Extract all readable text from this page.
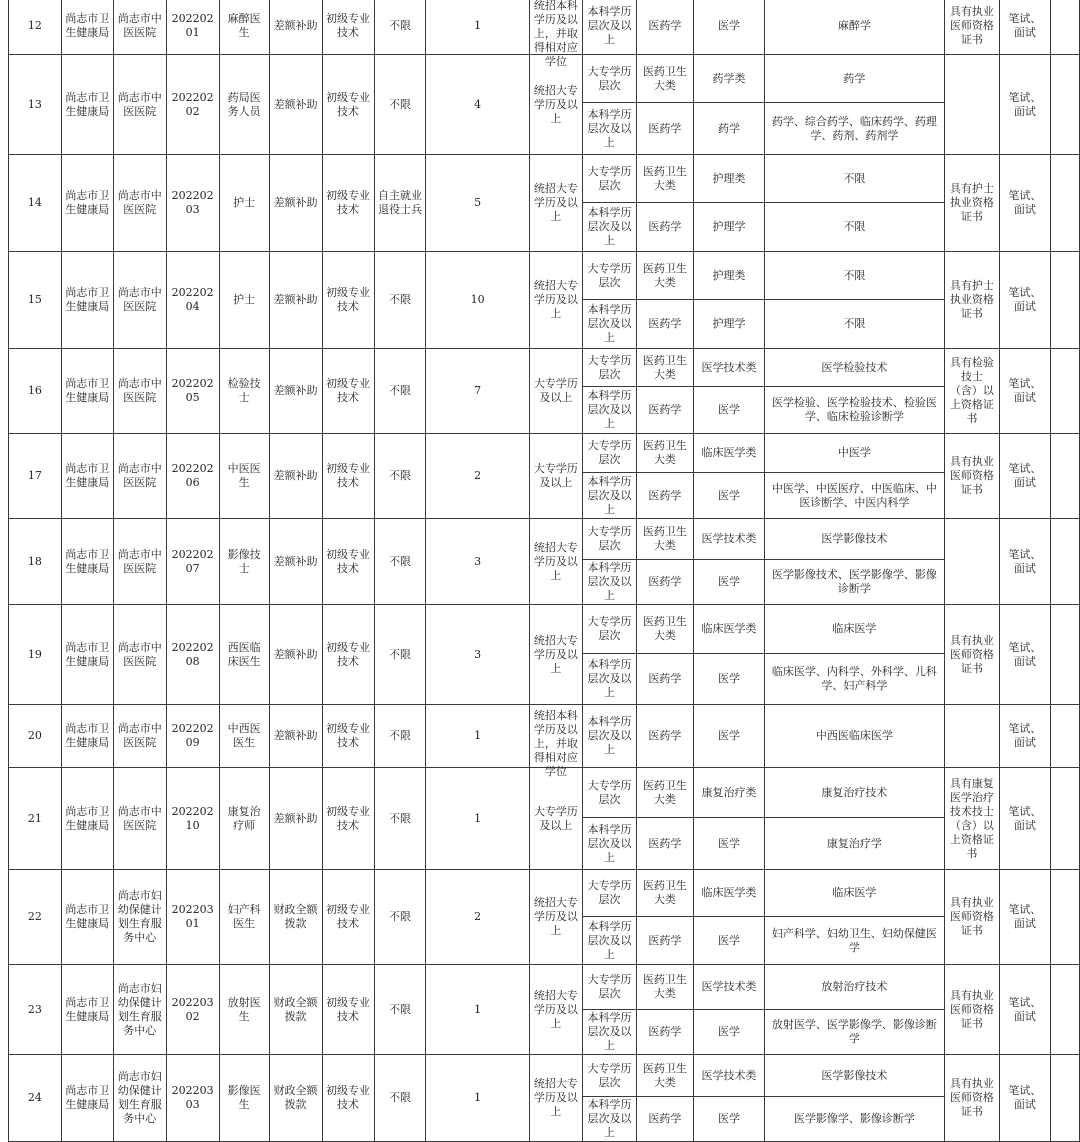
12	尚志市卫生健康局	尚志市中医医院	20220201	麻醉医生	差额补助	初级专业技术	不限	1	统招本科学历及以上，并取得相对应学位	本科学历层次及以上	医药学	医学	麻醉学	具有执业医师资格证书	笔试、面试	
13	尚志市卫生健康局	尚志市中医医院	20220202	药局医务人员	差额补助	初级专业技术	不限	4	统招大专学历及以上	大专学历层次	医药卫生大类	药学类	药学		笔试、面试	

										本科学历层次及以上	医药学	药学	药学、综合药学、临床药学、药理学、药剂、药剂学			
14	尚志市卫生健康局	尚志市中医医院	20220203	护士	差额补助	初级专业技术	自主就业退役士兵	5	统招大专学历及以上	大专学历层次	医药卫生大类	护理类	不限	具有护士执业资格证书	笔试、面试	

										本科学历层次及以上	医药学	护理学	不限			
15	尚志市卫生健康局	尚志市中医医院	20220204	护士	差额补助	初级专业技术	不限	10	统招大专学历及以上	大专学历层次	医药卫生大类	护理类	不限	具有护士执业资格证书	笔试、面试	

										本科学历层次及以上	医药学	护理学	不限			
16	尚志市卫生健康局	尚志市中医医院	20220205	检验技士	差额补助	初级专业技术	不限	7	大专学历及以上	大专学历层次	医药卫生大类	医学技术类	医学检验技术	具有检验技士（含）以上资格证书	笔试、面试	

										本科学历层次及以上	医药学	医学	医学检验、医学检验技术、检验医学、临床检验诊断学			
17	尚志市卫生健康局	尚志市中医医院	20220206	中医医生	差额补助	初级专业技术	不限	2	大专学历及以上	大专学历层次	医药卫生大类	临床医学类	中医学	具有执业医师资格证书	笔试、面试	

										本科学历层次及以上	医药学	医学	中医学、中医医疗、中医临床、中医诊断学、中医内科学			
18	尚志市卫生健康局	尚志市中医医院	20220207	影像技士	差额补助	初级专业技术	不限	3	统招大专学历及以上	大专学历层次	医药卫生大类	医学技术类	医学影像技术		笔试、面试	

										本科学历层次及以上	医药学	医学	医学影像技术、医学影像学、影像诊断学			
19	尚志市卫生健康局	尚志市中医医院	20220208	西医临床医生	差额补助	初级专业技术	不限	3	统招大专学历及以上	大专学历层次	医药卫生大类	临床医学类	临床医学	具有执业医师资格证书	笔试、面试	

										本科学历层次及以上	医药学	医学	临床医学、内科学、外科学、儿科学、妇产科学			
20	尚志市卫生健康局	尚志市中医医院	20220209	中西医医生	差额补助	初级专业技术	不限	1	统招本科学历及以上，并取得相对应学位	本科学历层次及以上	医药学	医学	中西医临床医学		笔试、面试	
21	尚志市卫生健康局	尚志市中医医院	20220210	康复治疗师	差额补助	初级专业技术	不限	1	大专学历及以上	大专学历层次	医药卫生大类	康复治疗类	康复治疗技术	具有康复医学治疗技术技士（含）以上资格证书	笔试、面试	

										本科学历层次及以上	医药学	医学	康复治疗学			
22	尚志市卫生健康局	尚志市妇幼保健计划生育服务中心	20220301	妇产科医生	财政全额拨款	初级专业技术	不限	2	统招大专学历及以上	大专学历层次	医药卫生大类	临床医学类	临床医学	具有执业医师资格证书	笔试、面试	

										本科学历层次及以上	医药学	医学	妇产科学、妇幼卫生、妇幼保健医学			
23	尚志市卫生健康局	尚志市妇幼保健计划生育服务中心	20220302	放射医生	财政全额拨款	初级专业技术	不限	1	统招大专学历及以上	大专学历层次	医药卫生大类	医学技术类	放射治疗技术	具有执业医师资格证书	笔试、面试	

										本科学历层次及以上	医药学	医学	放射医学、医学影像学、影像诊断学			
24	尚志市卫生健康局	尚志市妇幼保健计划生育服务中心	20220303	影像医生	财政全额拨款	初级专业技术	不限	1	统招大专学历及以上	大专学历层次	医药卫生大类	医学技术类	医学影像技术	具有执业医师资格证书	笔试、面试	

										本科学历层次及以上	医药学	医学	医学影像学、影像诊断学			
